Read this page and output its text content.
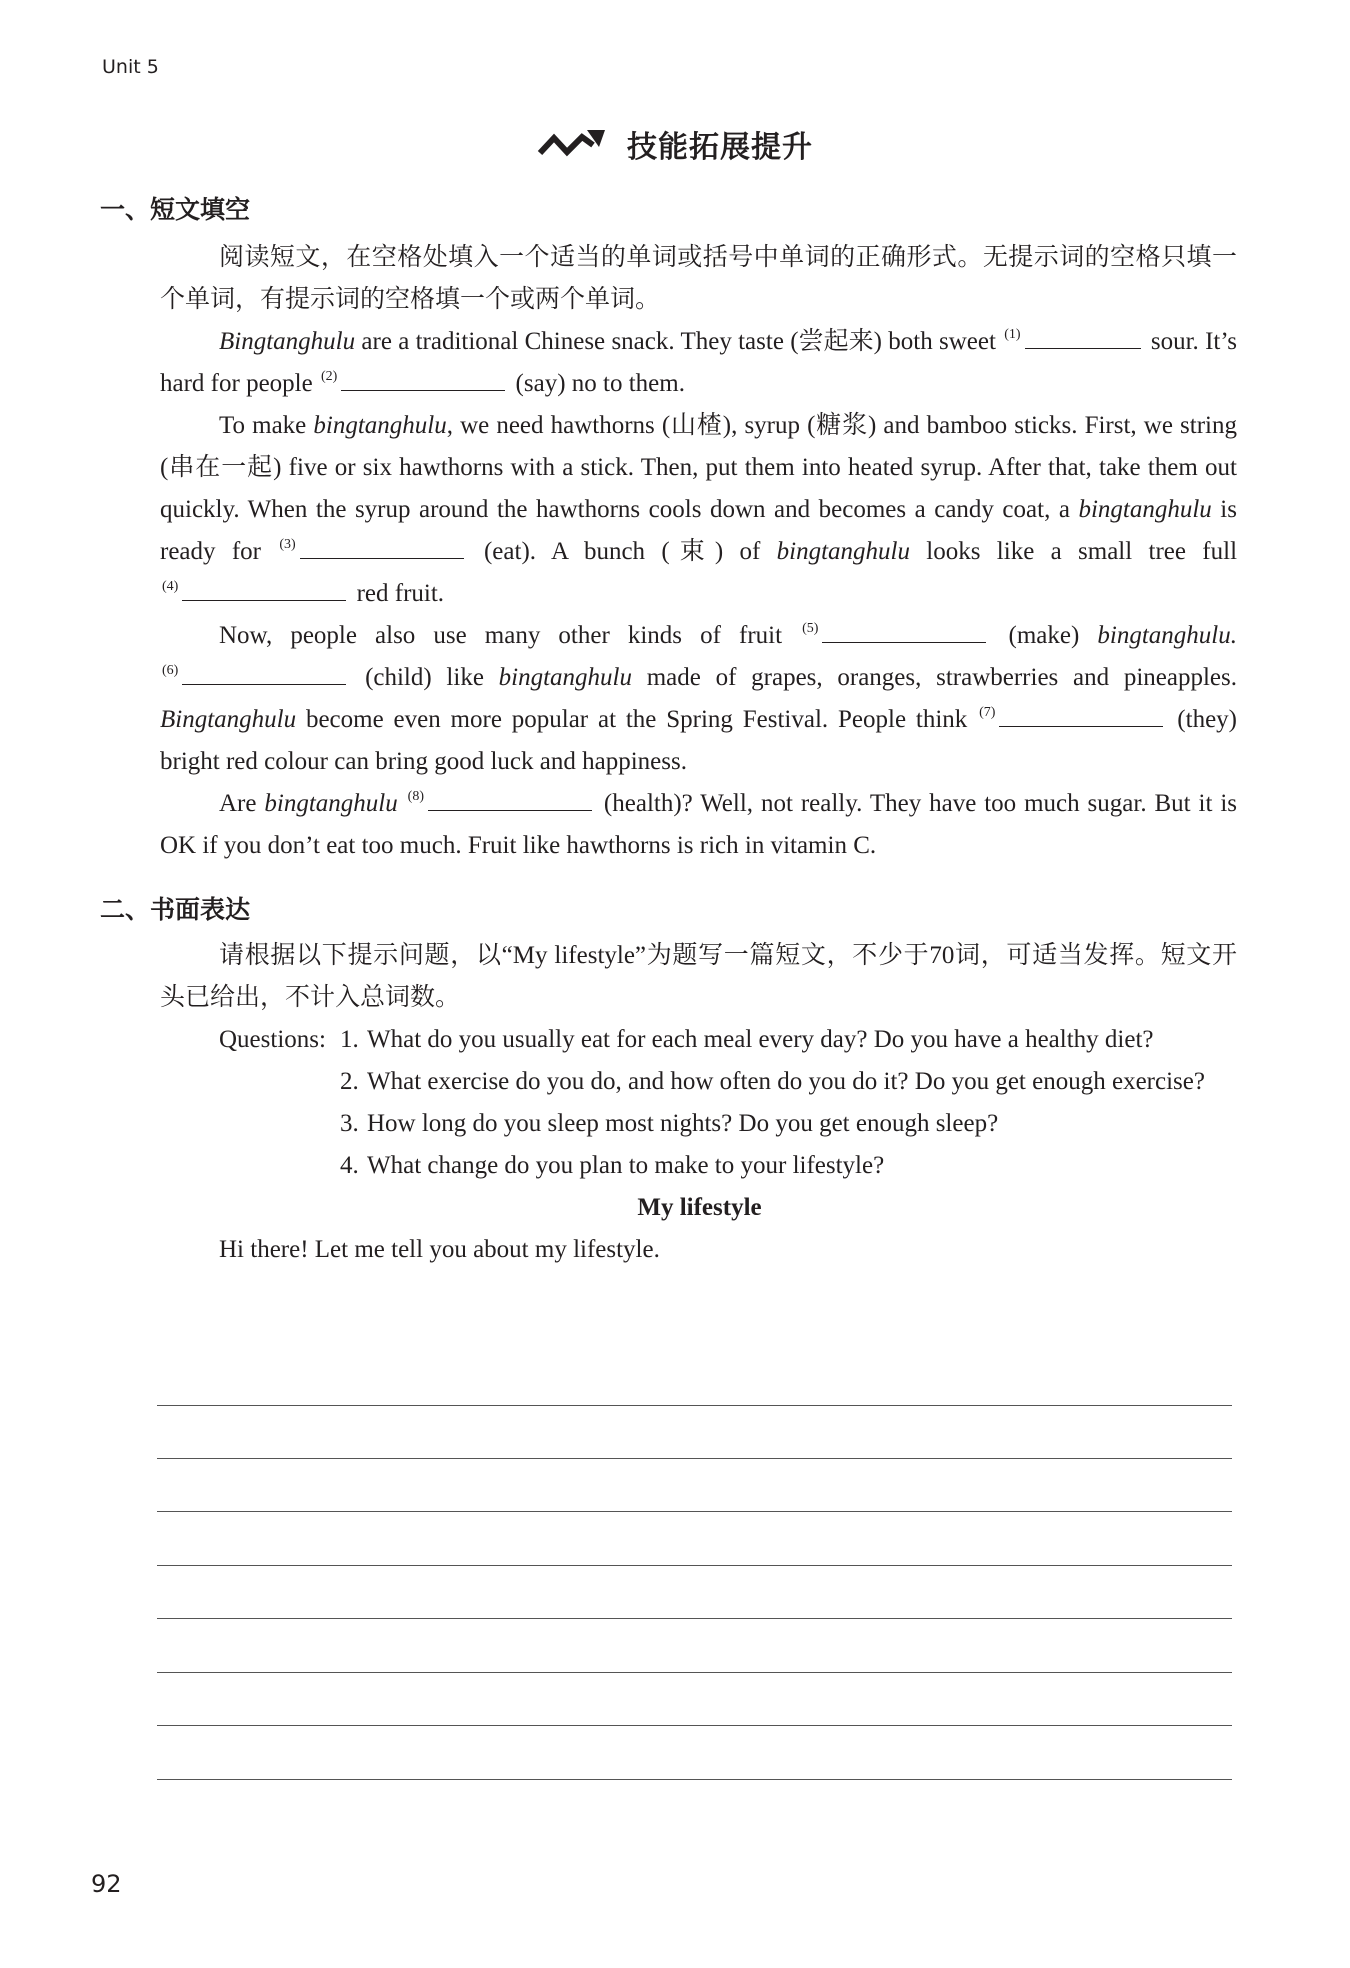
Unit 5
技能拓展提升
一、短文填空

阅读短文，在空格处填入一个适当的单词或括号中单词的正确形式。无提示词的空格只填一个单词，有提示词的空格填一个或两个单词。

Bingtanghulu are a traditional Chinese snack. They taste (尝起来) both sweet $^{(1)}$	sour. It’s hard for people $^{(2)}$	(say) no to them.

To make bingtanghulu, we need hawthorns (山楂), syrup (糖浆) and bamboo sticks. First, we string (串在一起) five or six hawthorns with a stick. Then, put them into heated syrup. After that, take them out quickly. When the syrup around the hawthorns cools down and becomes a candy coat, a bingtanghulu is ready for $^{(3)}$	(eat). A bunch (束) of bingtanghulu looks like a small tree full $^{(4)}$	red fruit.

Now, people also use many other kinds of fruit $^{(5)}$	(make) bingtanghulu. $^{(6)}$	(child) like bingtanghulu made of grapes, oranges, strawberries and pineapples. Bingtanghulu become even more popular at the Spring Festival. People think $^{(7)}$	(they) bright red colour can bring good luck and happiness.

Are bingtanghulu $^{(8)}$	(health)? Well, not really. They have too much sugar. But it is OK if you don’t eat too much. Fruit like hawthorns is rich in vitamin C.

二、书面表达

请根据以下提示问题，以“My lifestyle”为题写一篇短文，不少于70词，可适当发挥。短文开头已给出，不计入总词数。

Questions: 1. What do you usually eat for each meal every day? Do you have a healthy diet?
2. What exercise do you do, and how often do you do it? Do you get enough exercise?
3. How long do you sleep most nights? Do you get enough sleep?
4. What change do you plan to make to your lifestyle?

My lifestyle

Hi there! Let me tell you about my lifestyle.

92
